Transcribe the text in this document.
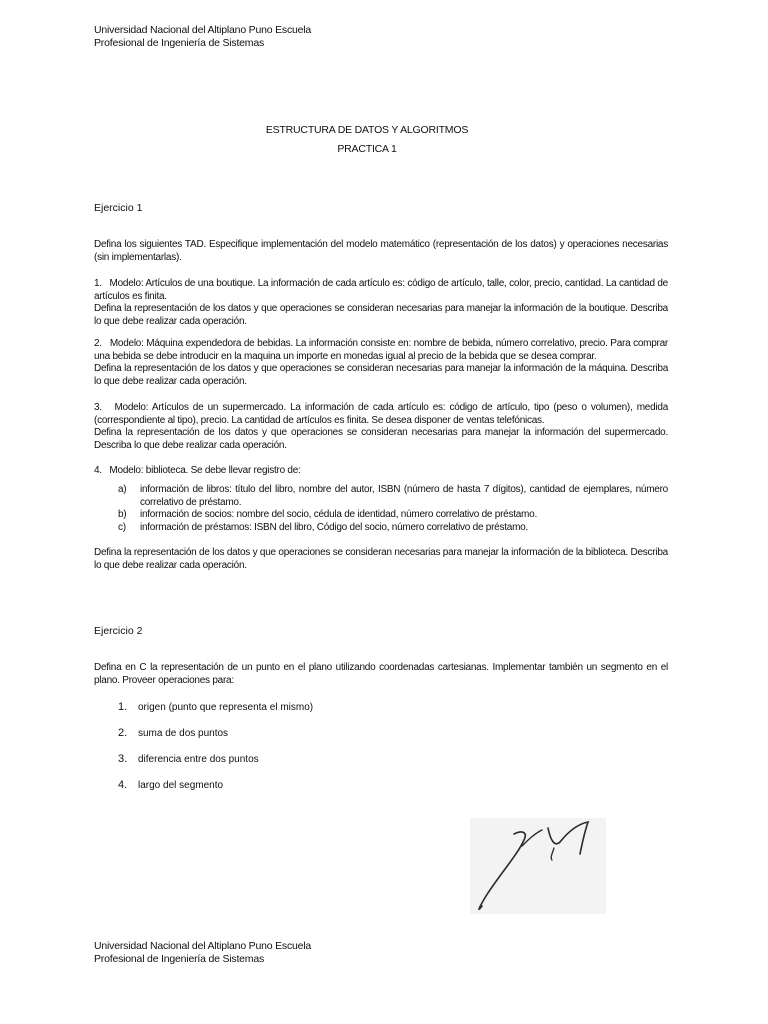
Universidad Nacional del Altiplano Puno Escuela
Profesional de Ingeniería de Sistemas
ESTRUCTURA DE DATOS Y ALGORITMOS
PRACTICA 1
Ejercicio 1

Defina los siguientes TAD. Especifique implementación del modelo matemático (representación de los datos) y operaciones necesarias (sin implementarlas).

1.   Modelo: Artículos de una boutique. La información de cada artículo es: código de artículo, talle, color, precio, cantidad. La cantidad de artículos es finita.
Defina la representación de los datos y que operaciones se consideran necesarias para manejar la información de la boutique. Describa lo que debe realizar cada operación.

2.   Modelo: Máquina expendedora de bebidas. La información consiste en: nombre de bebida, número correlativo, precio. Para comprar una bebida se debe introducir en la maquina un importe en monedas igual al precio de la bebida que se desea comprar.
Defina la representación de los datos y que operaciones se consideran necesarias para manejar la información de la máquina. Describa lo que debe realizar cada operación.

3.   Modelo: Artículos de un supermercado. La información de cada artículo es: código de artículo, tipo (peso o volumen), medida (correspondiente al tipo), precio. La cantidad de artículos es finita. Se desea disponer de ventas telefónicas.
Defina la representación de los datos y que operaciones se consideran necesarias para manejar la información del supermercado. Describa lo que debe realizar cada operación.

4.   Modelo: biblioteca. Se debe llevar registro de:

a) información de libros: título del libro, nombre del autor, ISBN (número de hasta 7 dígitos), cantidad de ejemplares, número correlativo de préstamo.

b) información de socios: nombre del socio, cédula de identidad, número correlativo de préstamo.

c) información de préstamos: ISBN del libro, Código del socio, número correlativo de préstamo.

Defina la representación de los datos y que operaciones se consideran necesarias para manejar la información de la biblioteca. Describa lo que debe realizar cada operación.

Ejercicio 2

Defina en C la representación de un punto en el plano utilizando coordenadas cartesianas. Implementar también un segmento en el plano. Proveer operaciones para:

1. origen (punto que representa el mismo)
2. suma de dos puntos
3. diferencia entre dos puntos
4. largo del segmento
Universidad Nacional del Altiplano Puno Escuela
Profesional de Ingeniería de Sistemas
